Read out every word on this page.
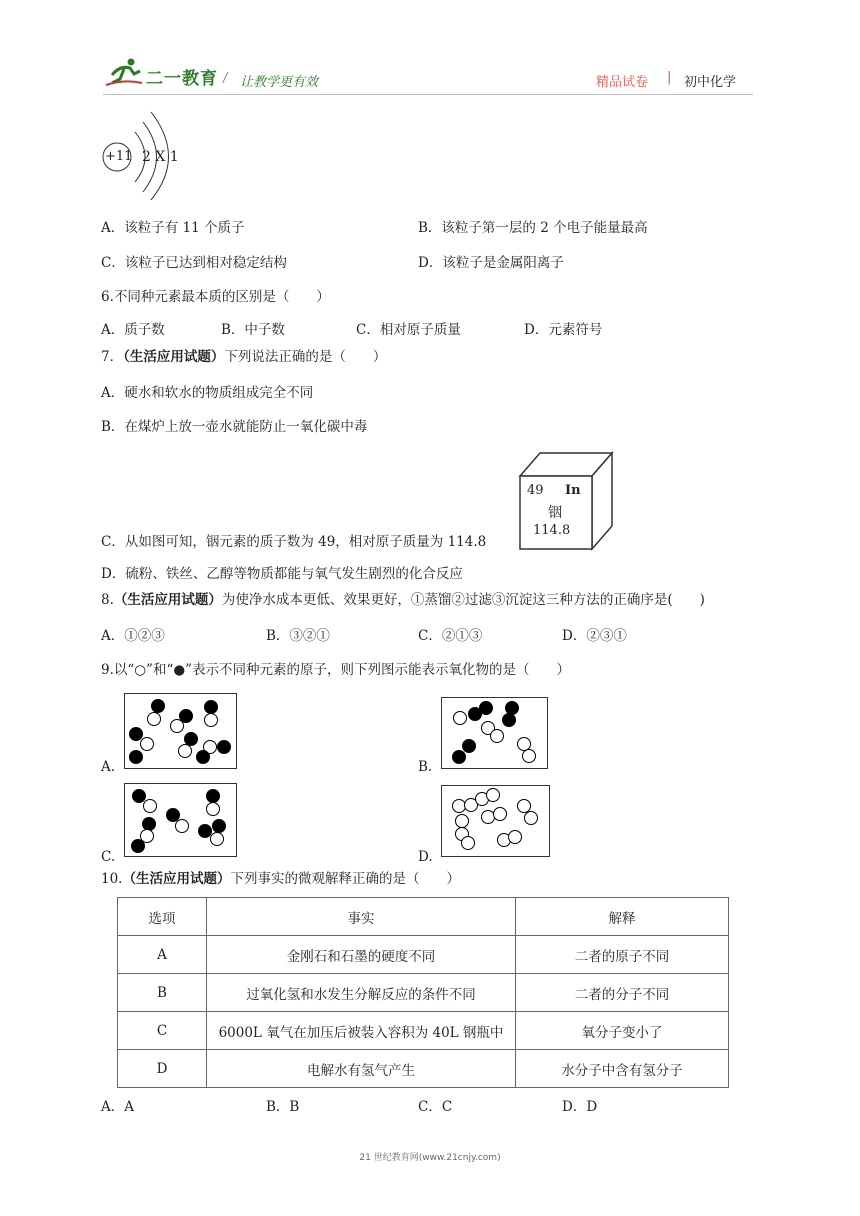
二一教育 / 让教学更有效	精品试卷 | 初中化学
+11 2 X 1
A．该粒子有 11 个质子	B．该粒子第一层的 2 个电子能量最高
C．该粒子已达到相对稳定结构	D．该粒子是金属阳离子
6.不同种元素最本质的区别是（　　）
A．质子数	B．中子数	C．相对原子质量	D．元素符号
7．（生活应用试题）下列说法正确的是（　　）
A．硬水和软水的物质组成完全不同
B．在煤炉上放一壶水就能防止一氧化碳中毒
49 In
铟
114.8
C．从如图可知，铟元素的质子数为 49，相对原子质量为 114.8
D．硫粉、铁丝、乙醇等物质都能与氧气发生剧烈的化合反应
8.（生活应用试题）为使净水成本更低、效果更好，①蒸馏②过滤③沉淀这三种方法的正确序是(　　)
A．①②③	B．③②①	C．②①③	D．②③①
9.以“○”和“●”表示不同种元素的原子，则下列图示能表示氧化物的是（　　）
A.	B.
C.	D.
10.（生活应用试题）下列事实的微观解释正确的是（　　）
选项	事实	解释
A	金刚石和石墨的硬度不同	二者的原子不同
B	过氧化氢和水发生分解反应的条件不同	二者的分子不同
C	6000L 氧气在加压后被装入容积为 40L 钢瓶中	氧分子变小了
D	电解水有氢气产生	水分子中含有氢分子
A．A	B．B	C．C	D．D
21 世纪教育网(www.21cnjy.com)
